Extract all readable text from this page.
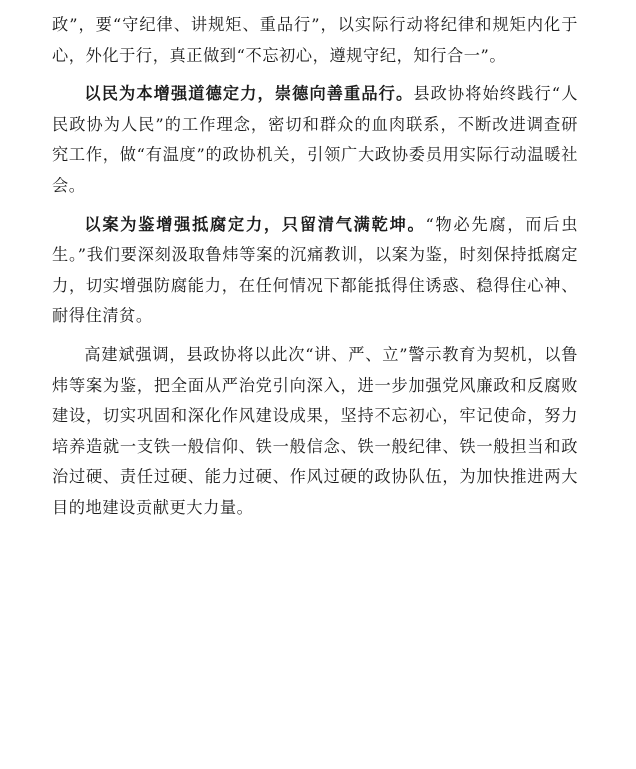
政”，要“守纪律、讲规矩、重品行”，以实际行动将纪律和规矩内化于心，外化于行，真正做到“不忘初心，遵规守纪，知行合一”。

以民为本增强道德定力，崇德向善重品行。县政协将始终践行“人民政协为人民”的工作理念，密切和群众的血肉联系，不断改进调查研究工作，做“有温度”的政协机关，引领广大政协委员用实际行动温暖社会。

以案为鉴增强抵腐定力，只留清气满乾坤。“物必先腐，而后虫生。”我们要深刻汲取鲁炜等案的沉痛教训，以案为鉴，时刻保持抵腐定力，切实增强防腐能力，在任何情况下都能抵得住诱惑、稳得住心神、耐得住清贫。

高建斌强调，县政协将以此次“讲、严、立”警示教育为契机，以鲁炜等案为鉴，把全面从严治党引向深入，进一步加强党风廉政和反腐败建设，切实巩固和深化作风建设成果，坚持不忘初心，牢记使命，努力培养造就一支铁一般信仰、铁一般信念、铁一般纪律、铁一般担当和政治过硬、责任过硬、能力过硬、作风过硬的政协队伍，为加快推进两大目的地建设贡献更大力量。
